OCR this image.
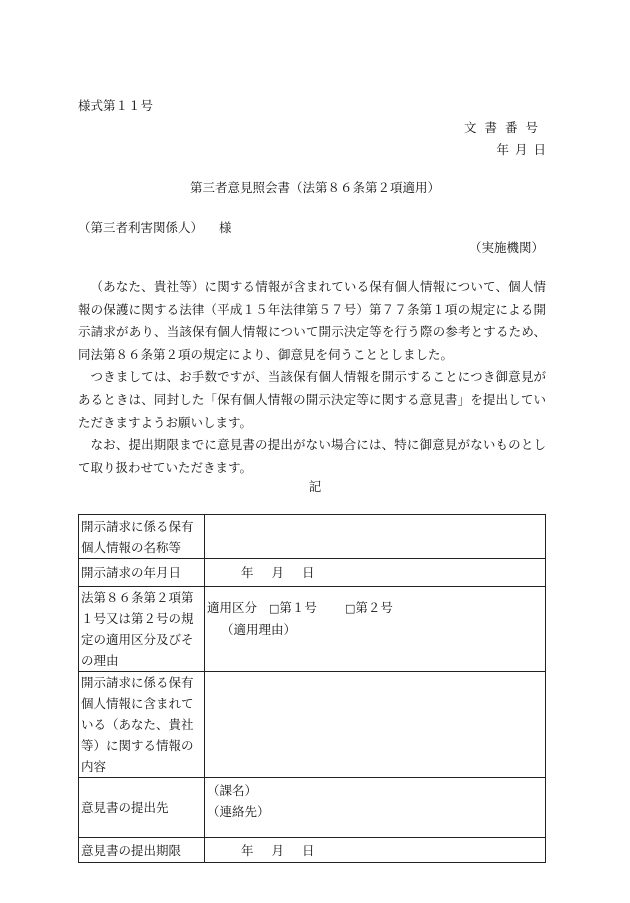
様式第１１号
文書番号
年月日
第三者意見照会書（法第８６条第２項適用）
（第三者利害関係人） 様
（実施機関）

（あなた、貴社等）に関する情報が含まれている保有個人情報について、個人情報の保護に関する法律（平成１５年法律第５７号）第７７条第１項の規定による開示請求があり、当該保有個人情報について開示決定等を行う際の参考とするため、同法第８６条第２項の規定により、御意見を伺うこととしました。

つきましては、お手数ですが、当該保有個人情報を開示することにつき御意見があるときは、同封した「保有個人情報の開示決定等に関する意見書」を提出していただきますようお願いします。

なお、提出期限までに意見書の提出がない場合には、特に御意見がないものとして取り扱わせていただきます。

記
開示請求に係る保有個人情報の名称等	
開示請求の年月日	年 月 日
法第８６条第２項第１号又は第２号の規定の適用区分及びその理由	適用区分 □第１号 □第２号
（適用理由）

開示請求に係る保有個人情報に含まれている（あなた、貴社等）に関する情報の内容	
意見書の提出先	（課名）
（連絡先）

意見書の提出期限	年 月 日
